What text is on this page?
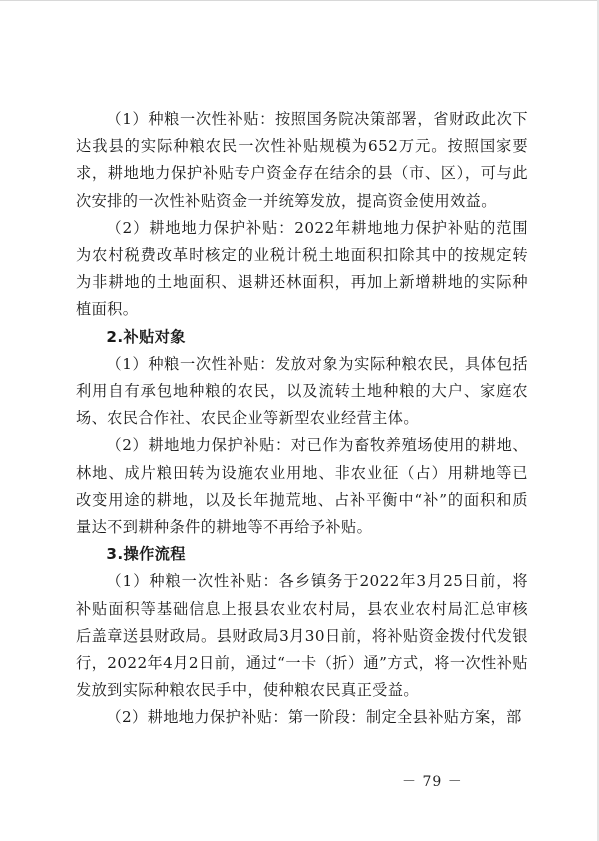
（1）种粮一次性补贴：按照国务院决策部署，省财政此次下达我县的实际种粮农民一次性补贴规模为652万元。按照国家要求，耕地地力保护补贴专户资金存在结余的县（市、区），可与此次安排的一次性补贴资金一并统筹发放，提高资金使用效益。

（2）耕地地力保护补贴：2022年耕地地力保护补贴的范围为农村税费改革时核定的业税计税土地面积扣除其中的按规定转为非耕地的土地面积、退耕还林面积，再加上新增耕地的实际种植面积。

2.补贴对象

（1）种粮一次性补贴：发放对象为实际种粮农民，具体包括利用自有承包地种粮的农民，以及流转土地种粮的大户、家庭农场、农民合作社、农民企业等新型农业经营主体。

（2）耕地地力保护补贴：对已作为畜牧养殖场使用的耕地、林地、成片粮田转为设施农业用地、非农业征（占）用耕地等已改变用途的耕地，以及长年抛荒地、占补平衡中“补”的面积和质量达不到耕种条件的耕地等不再给予补贴。

3.操作流程

（1）种粮一次性补贴：各乡镇务于2022年3月25日前，将补贴面积等基础信息上报县农业农村局，县农业农村局汇总审核后盖章送县财政局。县财政局3月30日前，将补贴资金拨付代发银行，2022年4月2日前，通过“一卡（折）通”方式，将一次性补贴发放到实际种粮农民手中，使种粮农民真正受益。

（2）耕地地力保护补贴：第一阶段：制定全县补贴方案，部

－ 79 －
